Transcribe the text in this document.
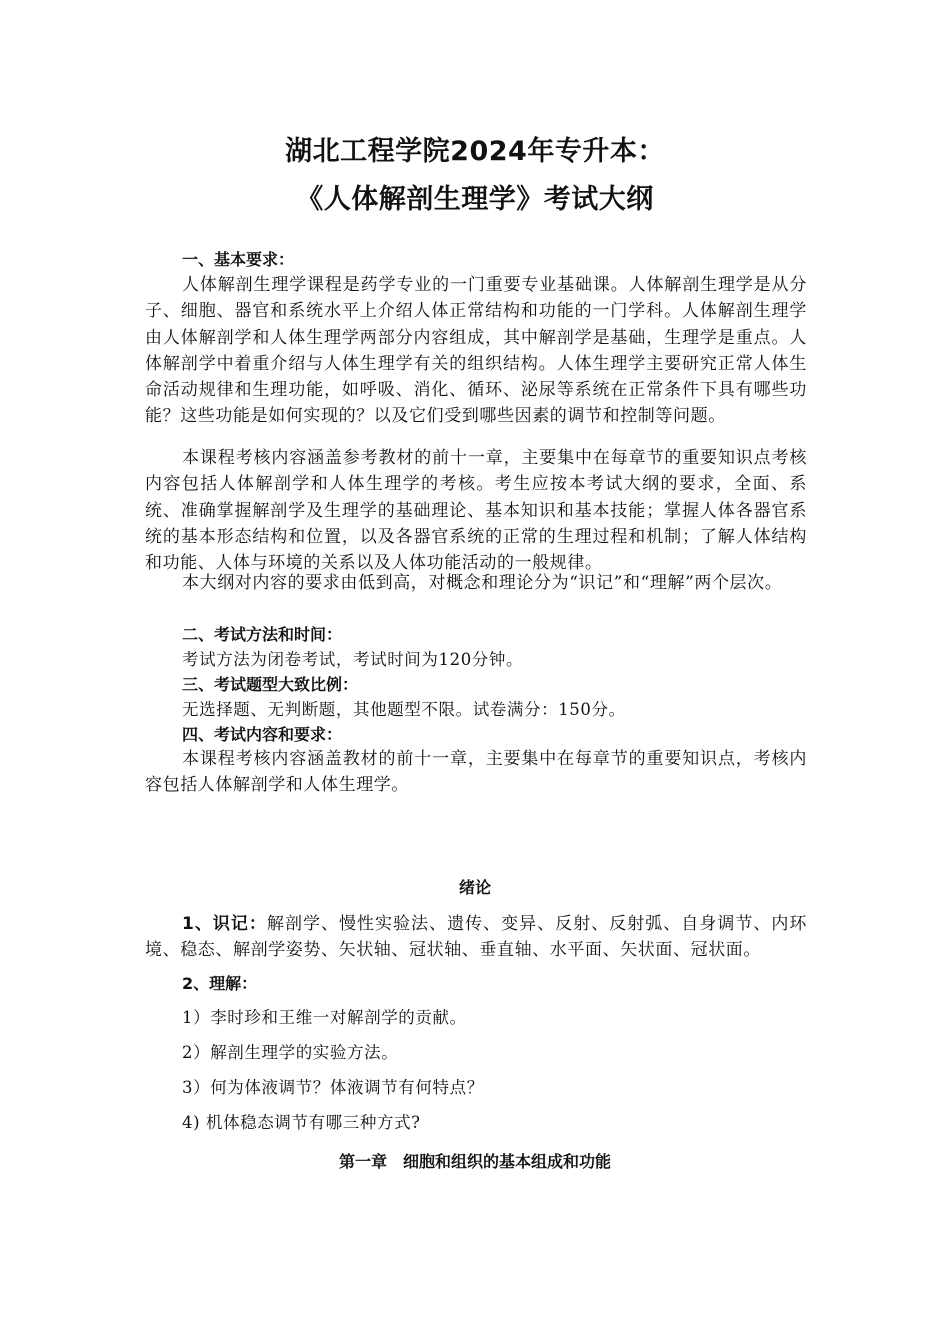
湖北工程学院2024年专升本：
《人体解剖生理学》考试大纲

一、基本要求：

人体解剖生理学课程是药学专业的一门重要专业基础课。人体解剖生理学是从分子、细胞、器官和系统水平上介绍人体正常结构和功能的一门学科。人体解剖生理学由人体解剖学和人体生理学两部分内容组成，其中解剖学是基础，生理学是重点。人体解剖学中着重介绍与人体生理学有关的组织结构。人体生理学主要研究正常人体生命活动规律和生理功能，如呼吸、消化、循环、泌尿等系统在正常条件下具有哪些功能？这些功能是如何实现的？以及它们受到哪些因素的调节和控制等问题。

本课程考核内容涵盖参考教材的前十一章，主要集中在每章节的重要知识点考核内容包括人体解剖学和人体生理学的考核。考生应按本考试大纲的要求，全面、系统、准确掌握解剖学及生理学的基础理论、基本知识和基本技能；掌握人体各器官系统的基本形态结构和位置，以及各器官系统的正常的生理过程和机制；了解人体结构和功能、人体与环境的关系以及人体功能活动的一般规律。

本大纲对内容的要求由低到高，对概念和理论分为“识记”和“理解”两个层次。

二、考试方法和时间：

考试方法为闭卷考试，考试时间为120分钟。

三、考试题型大致比例：

无选择题、无判断题，其他题型不限。试卷满分：150分。

四、考试内容和要求：

本课程考核内容涵盖教材的前十一章，主要集中在每章节的重要知识点，考核内容包括人体解剖学和人体生理学。

绪论

1、识记：解剖学、慢性实验法、遗传、变异、反射、反射弧、自身调节、内环境、稳态、解剖学姿势、矢状轴、冠状轴、垂直轴、水平面、矢状面、冠状面。

2、理解：

1）李时珍和王维一对解剖学的贡献。

2）解剖生理学的实验方法。

3）何为体液调节？体液调节有何特点？

4) 机体稳态调节有哪三种方式?

第一章　细胞和组织的基本组成和功能
